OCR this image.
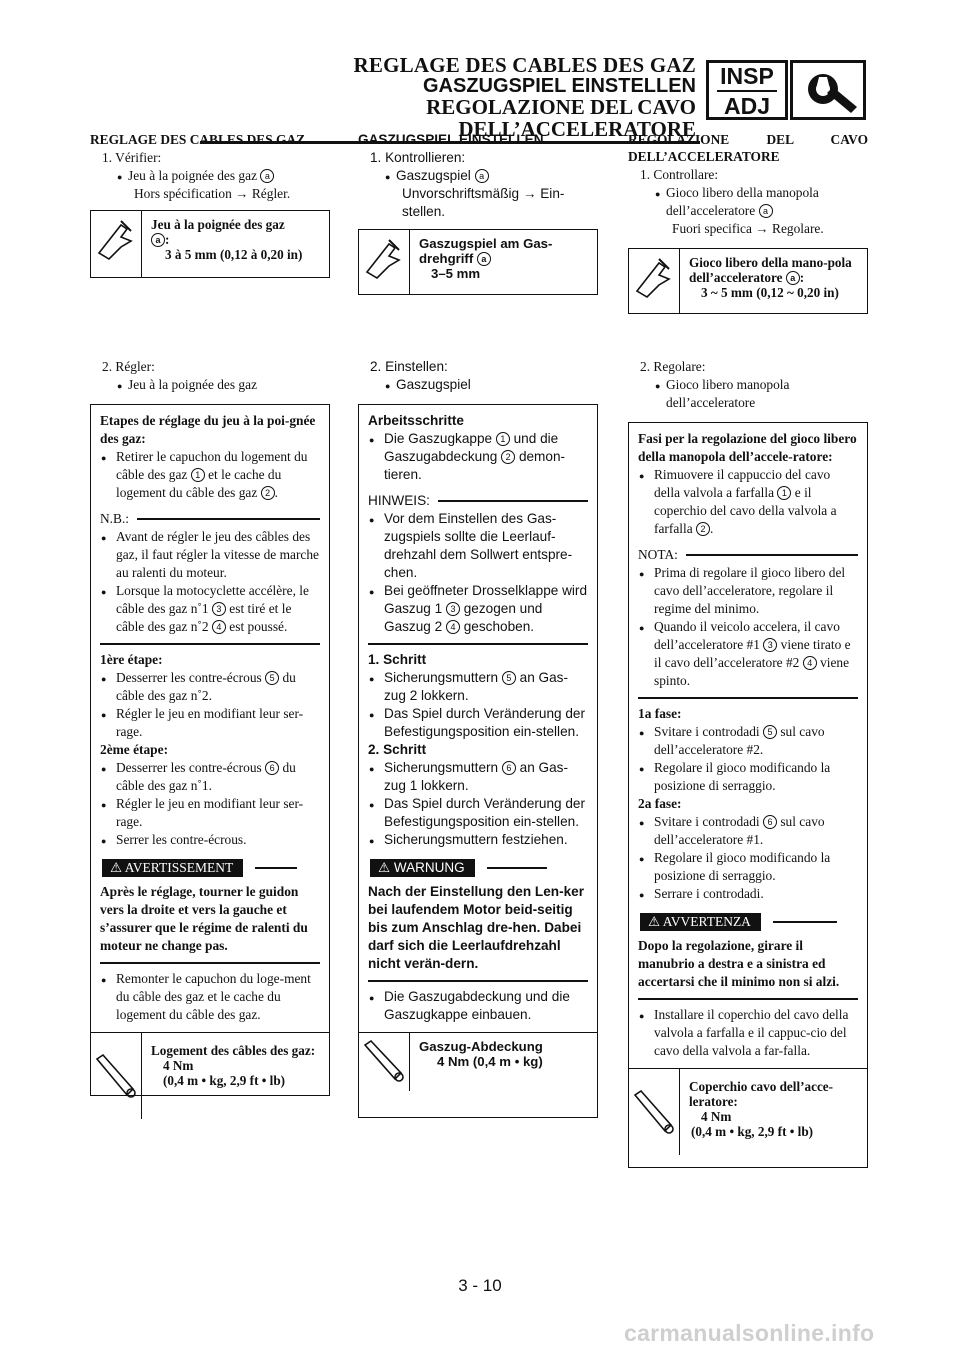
REGLAGE DES CABLES DES GAZ
GASZUGSPIEL EINSTELLEN
REGOLAZIONE DEL CAVO DELL’ACCELERATORE
INSP
ADJ
REGLAGE DES CABLES DES GAZ
1. Vérifier:
● Jeu à la poignée des gaz a
Hors spécification → Régler.
Jeu à la poignée des gaz
a :
3 à 5 mm (0,12 à 0,20 in)
2. Régler:
● Jeu à la poignée des gaz
Etapes de réglage du jeu à la poi-gnée des gaz:
● Retirer le capuchon du logement du câble des gaz 1 et le cache du logement du câble des gaz 2 .
N.B.:
● Avant de régler le jeu des câbles des gaz, il faut régler la vitesse de marche au ralenti du moteur.
● Lorsque la motocyclette accélère, le câble des gaz n˚1 3 est tiré et le câble des gaz n˚2 4 est poussé.
1ère étape:
● Desserrer les contre-écrous 5 du câble des gaz n˚2.
● Régler le jeu en modifiant leur ser-rage.
2ème étape:
● Desserrer les contre-écrous 6 du câble des gaz n˚1.
● Régler le jeu en modifiant leur ser-rage.
● Serrer les contre-écrous.
⚠ AVERTISSEMENT
Après le réglage, tourner le guidon vers la droite et vers la gauche et s’assurer que le régime de ralenti du moteur ne change pas.
● Remonter le capuchon du loge-ment du câble des gaz et le cache du logement du câble des gaz.
Logement des câbles des gaz:
4 Nm
(0,4 m • kg, 2,9 ft • lb)
GASZUGSPIEL EINSTELLEN
1. Kontrollieren:
● Gaszugspiel a
Unvorschriftsmäßig → Ein-stellen.
Gaszugspiel am Gas-drehgriff a
3–5 mm
2. Einstellen:
● Gaszugspiel
Arbeitsschritte
● Die Gaszugkappe 1 und die Gaszugabdeckung 2 demon-tieren.
HINWEIS:
● Vor dem Einstellen des Gas-zugspiels sollte die Leerlauf-drehzahl dem Sollwert entspre-chen.
● Bei geöffneter Drosselklappe wird Gaszug 1 3 gezogen und Gaszug 2 4 geschoben.
1. Schritt
● Sicherungsmuttern 5 an Gas-zug 2 lokkern.
● Das Spiel durch Veränderung der Befestigungsposition ein-stellen.
2. Schritt
● Sicherungsmuttern 6 an Gas-zug 1 lokkern.
● Das Spiel durch Veränderung der Befestigungsposition ein-stellen.
● Sicherungsmuttern festziehen.
⚠ WARNUNG
Nach der Einstellung den Len-ker bei laufendem Motor beid-seitig bis zum Anschlag dre-hen. Dabei darf sich die Leerlaufdrehzahl nicht verän-dern.
● Die Gaszugabdeckung und die Gaszugkappe einbauen.
Gaszug-Abdeckung
4 Nm (0,4 m • kg)
REGOLAZIONE DEL CAVO
DELL’ACCELERATORE
1. Controllare:
● Gioco libero della manopola dell’acceleratore a
Fuori specifica → Regolare.
Gioco libero della mano-pola dell’acceleratore a :
3 ~ 5 mm (0,12 ~ 0,20 in)
2. Regolare:
● Gioco libero manopola dell’acceleratore
Fasi per la regolazione del gioco libero della manopola dell’accele-ratore:
● Rimuovere il cappuccio del cavo della valvola a farfalla 1 e il coperchio del cavo della valvola a farfalla 2 .
NOTA:
● Prima di regolare il gioco libero del cavo dell’acceleratore, regolare il regime del minimo.
● Quando il veicolo accelera, il cavo dell’acceleratore #1 3 viene tirato e il cavo dell’acceleratore #2 4 viene spinto.
1a fase:
● Svitare i controdadi 5 sul cavo dell’acceleratore #2.
● Regolare il gioco modificando la posizione di serraggio.
2a fase:
● Svitare i controdadi 6 sul cavo dell’acceleratore #1.
● Regolare il gioco modificando la posizione di serraggio.
● Serrare i controdadi.
⚠ AVVERTENZA
Dopo la regolazione, girare il manubrio a destra e a sinistra ed accertarsi che il minimo non si alzi.
● Installare il coperchio del cavo della valvola a farfalla e il cappuc-cio del cavo della valvola a far-falla.
Coperchio cavo dell’acce-leratore:
4 Nm
(0,4 m • kg, 2,9 ft • lb)
3 - 10
carmanualsonline.info
